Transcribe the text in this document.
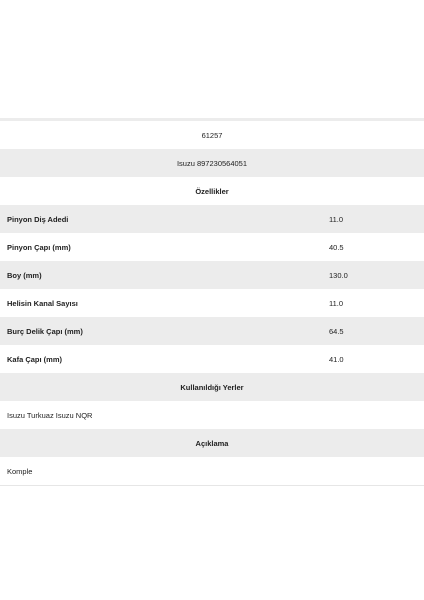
61257
Isuzu 897230564051
Özellikler
Pinyon Diş Adedi	11.0
Pinyon Çapı (mm)	40.5
Boy (mm)	130.0
Helisin Kanal Sayısı	11.0
Burç Delik Çapı (mm)	64.5
Kafa Çapı (mm)	41.0
Kullanıldığı Yerler
Isuzu Turkuaz Isuzu NQR
Açıklama
Komple
